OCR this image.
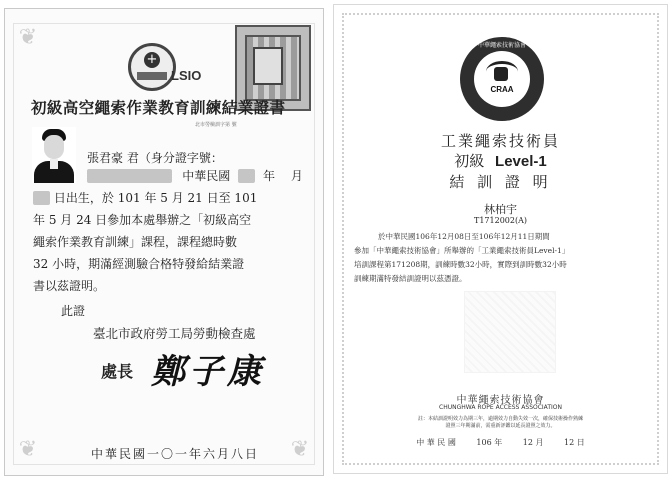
❦
❦
❦
+
LSIO
初級高空繩索作業教育訓練結業證書
北市勞檢訓字第 號
張君豪 君（身分證字號：
中華民國	年 月
日出生，於 101 年 5 月 21 日至 101
年 5 月 24 日參加本處舉辦之「初級高空
繩索作業教育訓練」課程，課程總時數
32 小時，期滿經測驗合格特發給結業證
書以茲證明。
此證
臺北市政府勞工局勞動檢查處
處長 鄭子康
中華民國一〇一年六月八日
中華繩索技術協會
CRAA
工業繩索技術員
初級 Level-1
結 訓 證 明
林柏宇
T1712002(A)
於中華民國106年12月08日至106年12月11日期間
參加「中華繩索技術協會」所舉辦的「工業繩索技術員Level-1」
培訓課程第171208期，訓練時數32小時，實際到訓時數32小時
訓練期滿特發結訓證明以茲憑證。
中華繩索技術協會
CHUNGHWA ROPE ACCESS ASSOCIATION
註：本結訓證明效力為期三年，逾期效力自動失效一次，確保技術操作熟練
證照三年期滿前，需重新評鑑以延長證照之效力。
中 華 民 國	106 年	12 月	12 日
